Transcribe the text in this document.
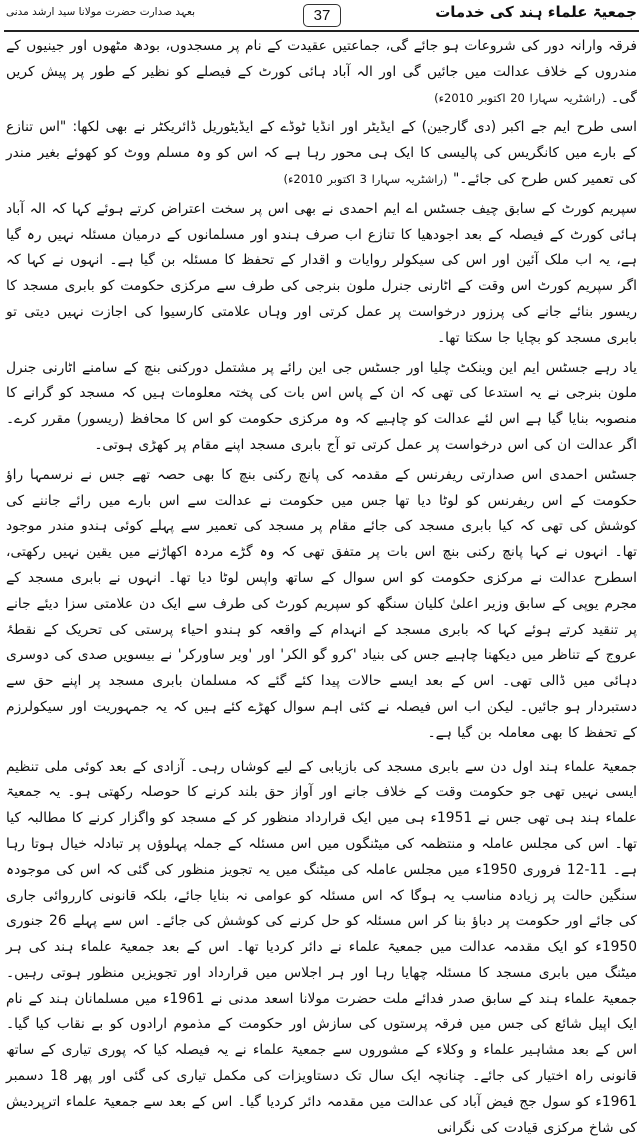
بعہد صدارت حضرت مولانا سید ارشد مدنی	37	جمعیۃ علماء ہند کی خدمات

فرقہ وارانہ دور کی شروعات ہو جائے گی، جماعتیں عقیدت کے نام پر مسجدوں، بودھ مٹھوں اور جینیوں کے مندروں کے خلاف عدالت میں جائیں گی اور الہ آباد ہائی کورٹ کے فیصلے کو نظیر کے طور پر پیش کریں گی۔ (راشٹریہ سہارا 20 اکتوبر 2010ء)

اسی طرح ایم جے اکبر (دی گارجین) کے ایڈیٹر اور انڈیا ٹوڈے کے ایڈیٹوریل ڈائریکٹر نے بھی لکھا: "اس تنازع کے بارے میں کانگریس کی پالیسی کا ایک ہی محور رہا ہے کہ اس کو وہ مسلم ووٹ کو کھوئے بغیر مندر کی تعمیر کس طرح کی جائے۔" (راشٹریہ سہارا 3 اکتوبر 2010ء)

سپریم کورٹ کے سابق چیف جسٹس اے ایم احمدی نے بھی اس پر سخت اعتراض کرتے ہوئے کہا کہ الہ آباد ہائی کورٹ کے فیصلہ کے بعد اجودھیا کا تنازع اب صرف ہندو اور مسلمانوں کے درمیان مسئلہ نہیں رہ گیا ہے، یہ اب ملک آئین اور اس کی سیکولر روایات و اقدار کے تحفظ کا مسئلہ بن گیا ہے۔ انہوں نے کہا کہ اگر سپریم کورٹ اس وقت کے اٹارنی جنرل ملون بنرجی کی طرف سے مرکزی حکومت کو بابری مسجد کا ریسور بنائے جانے کی پرزور درخواست پر عمل کرتی اور وہاں علامتی کارسیوا کی اجازت نہیں دیتی تو بابری مسجد کو بچایا جا سکتا تھا۔

یاد رہے جسٹس ایم این وینکٹ چلیا اور جسٹس جی این رائے پر مشتمل دورکنی بنچ کے سامنے اٹارنی جنرل ملون بنرجی نے یہ استدعا کی تھی کہ ان کے پاس اس بات کی پختہ معلومات ہیں کہ مسجد کو گرانے کا منصوبہ بنایا گیا ہے اس لئے عدالت کو چاہیے کہ وہ مرکزی حکومت کو اس کا محافظ (ریسور) مقرر کرے۔ اگر عدالت ان کی اس درخواست پر عمل کرتی تو آج بابری مسجد اپنے مقام پر کھڑی ہوتی۔

جسٹس احمدی اس صدارتی ریفرنس کے مقدمہ کی پانچ رکنی بنچ کا بھی حصہ تھے جس نے نرسمہا راؤ حکومت کے اس ریفرنس کو لوٹا دیا تھا جس میں حکومت نے عدالت سے اس بارے میں رائے جاننے کی کوشش کی تھی کہ کیا بابری مسجد کی جائے مقام پر مسجد کی تعمیر سے پہلے کوئی ہندو مندر موجود تھا۔ انہوں نے کہا پانچ رکنی بنچ اس بات پر متفق تھی کہ وہ گڑے مردہ اکھاڑنے میں یقین نہیں رکھتی، اسطرح عدالت نے مرکزی حکومت کو اس سوال کے ساتھ واپس لوٹا دیا تھا۔ انہوں نے بابری مسجد کے مجرم یوپی کے سابق وزیر اعلیٰ کلیان سنگھ کو سپریم کورٹ کی طرف سے ایک دن علامتی سزا دیئے جانے پر تنقید کرتے ہوئے کہا کہ بابری مسجد کے انہدام کے واقعہ کو ہندو احیاء پرستی کی تحریک کے نقطۂ عروج کے تناظر میں دیکھنا چاہیے جس کی بنیاد 'کرو گو الکر' اور 'ویر ساورکر' نے بیسویں صدی کی دوسری دہائی میں ڈالی تھی۔ اس کے بعد ایسے حالات پیدا کئے گئے کہ مسلمان بابری مسجد پر اپنے حق سے دستبردار ہو جائیں۔ لیکن اب اس فیصلہ نے کئی اہم سوال کھڑے کئے ہیں کہ یہ جمہوریت اور سیکولرزم کے تحفظ کا بھی معاملہ بن گیا ہے۔

جمعیۃ علماء ہند اول دن سے بابری مسجد کی بازیابی کے لیے کوشاں رہی۔ آزادی کے بعد کوئی ملی تنظیم ایسی نہیں تھی جو حکومت وقت کے خلاف جانے اور آواز حق بلند کرنے کا حوصلہ رکھتی ہو۔ یہ جمعیۃ علماء ہند ہی تھی جس نے 1951ء ہی میں ایک قرارداد منظور کر کے مسجد کو واگزار کرنے کا مطالبہ کیا تھا۔ اس کی مجلس عاملہ و منتظمہ کی میٹنگوں میں اس مسئلہ کے جملہ پہلوؤں پر تبادلہ خیال ہوتا رہا ہے۔ 11-12 فروری 1950ء میں مجلس عاملہ کی میٹنگ میں یہ تجویز منظور کی گئی کہ اس کی موجودہ سنگین حالت پر زیادہ مناسب یہ ہوگا کہ اس مسئلہ کو عوامی نہ بنایا جائے، بلکہ قانونی کارروائی جاری کی جائے اور حکومت پر دباؤ بنا کر اس مسئلہ کو حل کرنے کی کوشش کی جائے۔ اس سے پہلے 26 جنوری 1950ء کو ایک مقدمہ عدالت میں جمعیۃ علماء نے دائر کردیا تھا۔ اس کے بعد جمعیۃ علماء ہند کی ہر میٹنگ میں بابری مسجد کا مسئلہ چھایا رہا اور ہر اجلاس میں قرارداد اور تجویزیں منظور ہوتی رہیں۔ جمعیۃ علماء ہند کے سابق صدر فدائے ملت حضرت مولانا اسعد مدنی نے 1961ء میں مسلمانان ہند کے نام ایک اپیل شائع کی جس میں فرقہ پرستوں کی سازش اور حکومت کے مذموم ارادوں کو بے نقاب کیا گیا۔ اس کے بعد مشاہیر علماء و وکلاء کے مشوروں سے جمعیۃ علماء نے یہ فیصلہ کیا کہ پوری تیاری کے ساتھ قانونی راہ اختیار کی جائے۔ چنانچہ ایک سال تک دستاویزات کی مکمل تیاری کی گئی اور پھر 18 دسمبر 1961ء کو سول جج فیض آباد کی عدالت میں مقدمہ دائر کردیا گیا۔ اس کے بعد سے جمعیۃ علماء اترپردیش کی شاخ مرکزی قیادت کی نگرانی
